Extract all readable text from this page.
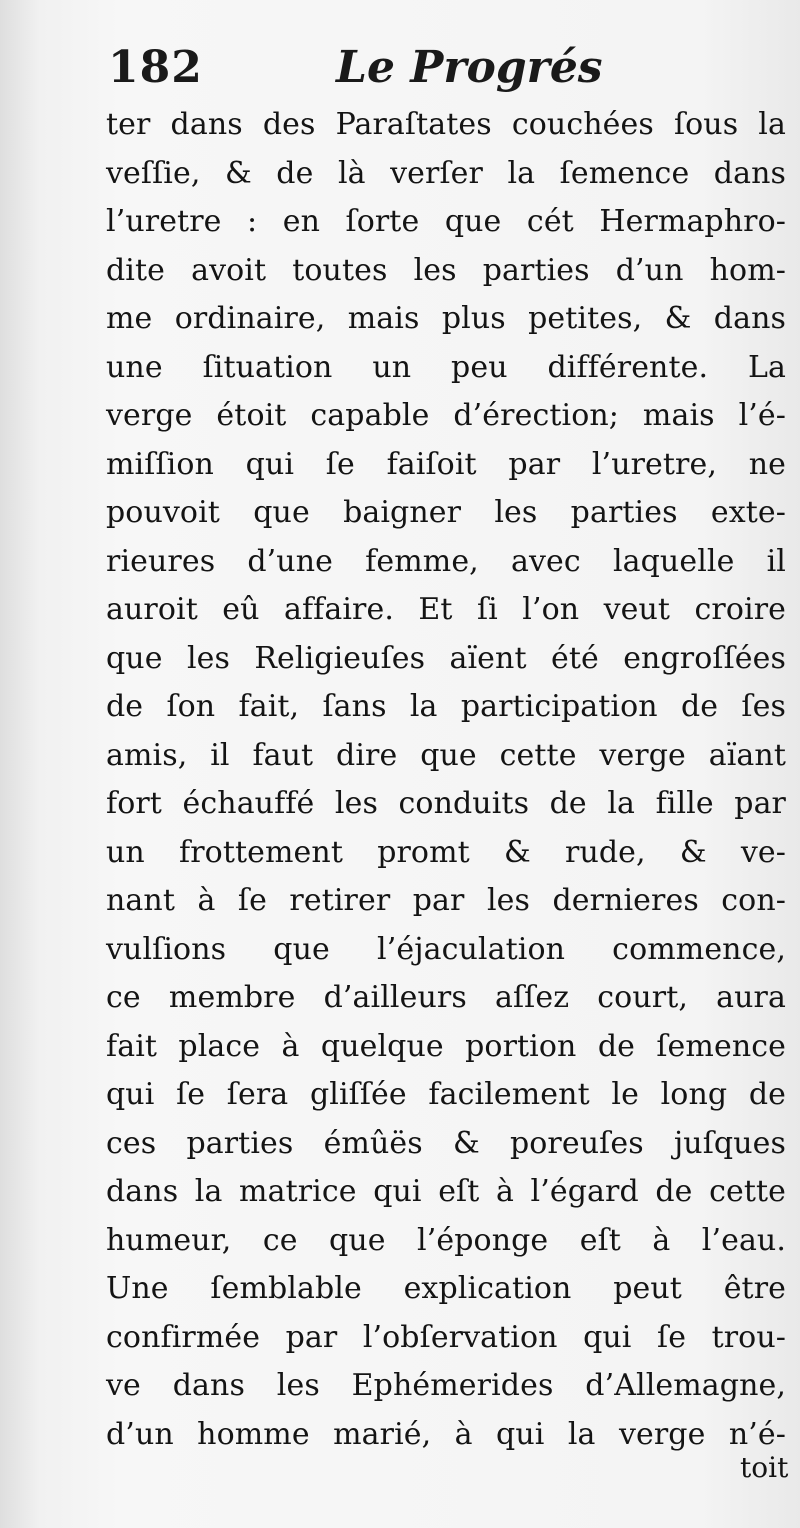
182	Le Progrés
ter dans des Paraſtates couchées ſous la
veſſie, & de là verſer la ſemence dans
l’uretre : en ſorte que cét Hermaphro-
dite avoit toutes les parties d’un hom-
me ordinaire, mais plus petites, & dans
une ſituation un peu différente. La
verge étoit capable d’érection; mais l’é-
miſſion qui ſe faiſoit par l’uretre, ne
pouvoit que baigner les parties exte-
rieures d’une femme, avec laquelle il
auroit eû affaire. Et ſi l’on veut croire
que les Religieuſes aïent été engroſſées
de ſon fait, ſans la participation de ſes
amis, il faut dire que cette verge aïant
fort échauffé les conduits de la fille par
un frottement promt & rude, & ve-
nant à ſe retirer par les dernieres con-
vulſions que l’éjaculation commence,
ce membre d’ailleurs aſſez court, aura
fait place à quelque portion de ſemence
qui ſe ſera gliſſée facilement le long de
ces parties émûës & poreuſes juſques
dans la matrice qui eſt à l’égard de cette
humeur, ce que l’éponge eſt à l’eau.
Une ſemblable explication peut être
confirmée par l’obſervation qui ſe trou-
ve dans les Ephémerides d’Allemagne,
d’un homme marié, à qui la verge n’é-
toit
